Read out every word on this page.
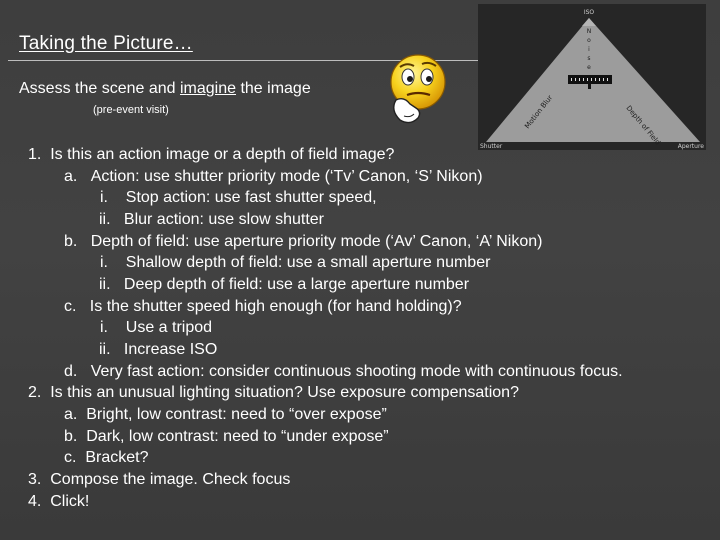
Taking the Picture…
Assess the scene and imagine the image
(pre-event visit)
ISO
N
o
i
s
e
Motion Blur	Depth of Field
Shutter	Aperture
1. Is this an action image or a depth of field image?
a. Action: use shutter priority mode (‘Tv’ Canon, ‘S’ Nikon)
i. Stop action: use fast shutter speed,
ii. Blur action: use slow shutter
b. Depth of field: use aperture priority mode (‘Av’ Canon, ‘A’ Nikon)
i. Shallow depth of field: use a small aperture number
ii. Deep depth of field: use a large aperture number
c. Is the shutter speed high enough (for hand holding)?
i. Use a tripod
ii. Increase ISO
d. Very fast action: consider continuous shooting mode with continuous focus.
2. Is this an unusual lighting situation? Use exposure compensation?
a. Bright, low contrast: need to “over expose”
b. Dark, low contrast: need to “under expose”
c. Bracket?
3. Compose the image. Check focus
4. Click!
